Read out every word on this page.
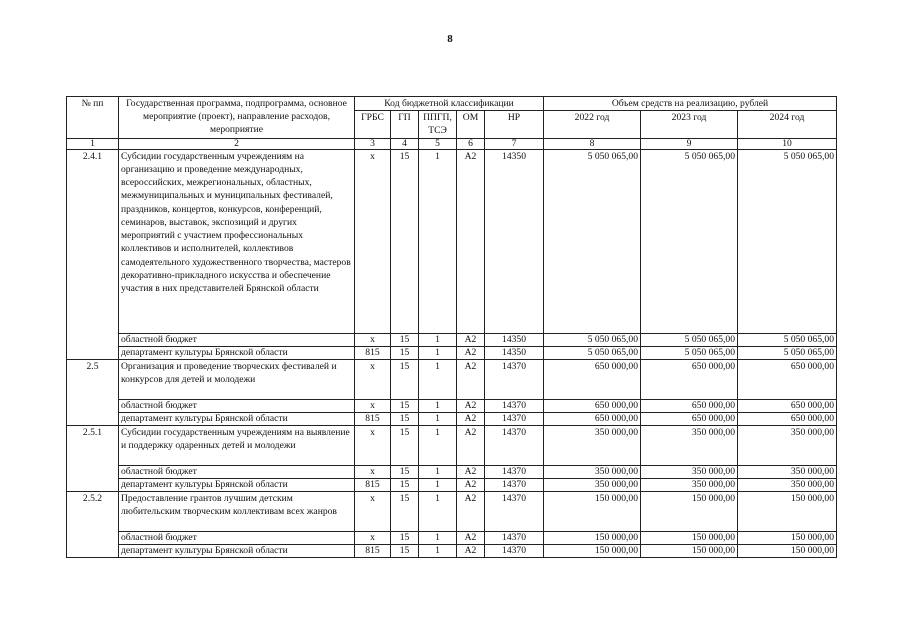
8
№ пп	Государственная программа, подпрограмма, основное мероприятие (проект), направление расходов, мероприятие	Код бюджетной классификации					Объем средств на реализацию, рублей		
		ГРБС	ГП	ППГП, ТСЭ	ОМ	НР	2022 год	2023 год	2024 год
1	2	3	4	5	6	7	8	9	10
2.4.1	Субсидии государственным учреждениям на организацию и проведение международных, всероссийских, межрегиональных, областных, межмуниципальных и муниципальных фестивалей, праздников, концертов, конкурсов, конференций, семинаров, выставок, экспозиций и других мероприятий с участием профессиональных коллективов и исполнителей, коллективов самодеятельного художественного творчества, мастеров декоративно-прикладного искусства и обеспечение участия в них представителей Брянской области	х	15	1	А2	14350	5 050 065,00	5 050 065,00	5 050 065,00
	областной бюджет	х	15	1	А2	14350	5 050 065,00	5 050 065,00	5 050 065,00
	департамент культуры Брянской области	815	15	1	А2	14350	5 050 065,00	5 050 065,00	5 050 065,00
2.5	Организация и проведение творческих фестивалей и конкурсов для детей и молодежи	х	15	1	А2	14370	650 000,00	650 000,00	650 000,00
	областной бюджет	х	15	1	А2	14370	650 000,00	650 000,00	650 000,00
	департамент культуры Брянской области	815	15	1	А2	14370	650 000,00	650 000,00	650 000,00
2.5.1	Субсидии государственным учреждениям на выявление и поддержку одаренных детей и молодежи	х	15	1	А2	14370	350 000,00	350 000,00	350 000,00
	областной бюджет	х	15	1	А2	14370	350 000,00	350 000,00	350 000,00
	департамент культуры Брянской области	815	15	1	А2	14370	350 000,00	350 000,00	350 000,00
2.5.2	Предоставление грантов лучшим детским любительским творческим коллективам всех жанров	х	15	1	А2	14370	150 000,00	150 000,00	150 000,00
	областной бюджет	х	15	1	А2	14370	150 000,00	150 000,00	150 000,00
	департамент культуры Брянской области	815	15	1	А2	14370	150 000,00	150 000,00	150 000,00
